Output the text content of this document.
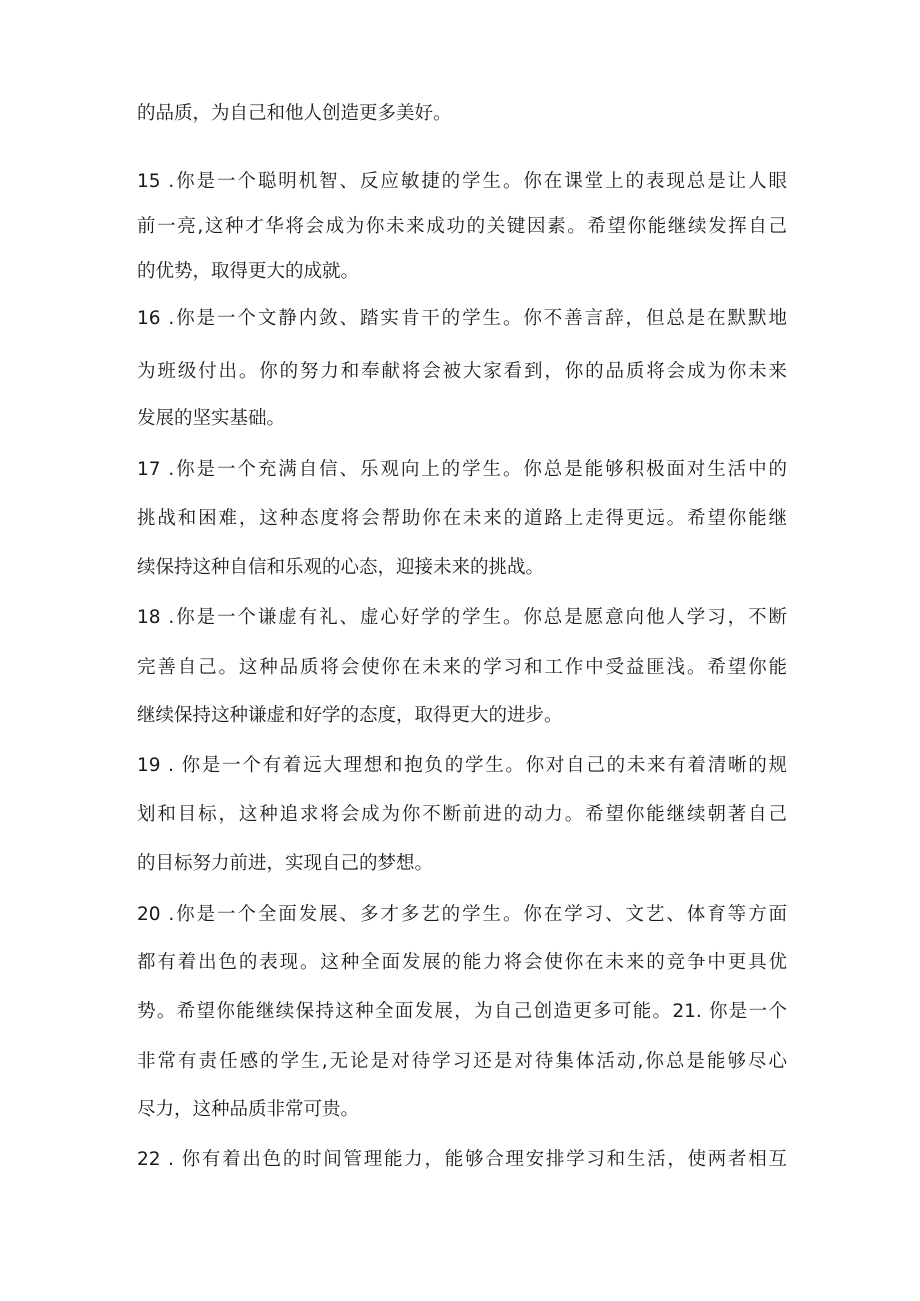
的品质，为自己和他人创造更多美好。

15 .你是一个聪明机智、反应敏捷的学生。你在课堂上的表现总是让人眼

前一亮,这种才华将会成为你未来成功的关键因素。希望你能继续发挥自己

的优势，取得更大的成就。

16 .你是一个文静内敛、踏实肯干的学生。你不善言辞，但总是在默默地

为班级付出。你的努力和奉献将会被大家看到，你的品质将会成为你未来

发展的坚实基础。

17 .你是一个充满自信、乐观向上的学生。你总是能够积极面对生活中的

挑战和困难，这种态度将会帮助你在未来的道路上走得更远。希望你能继

续保持这种自信和乐观的心态，迎接未来的挑战。

18 .你是一个谦虚有礼、虚心好学的学生。你总是愿意向他人学习，不断

完善自己。这种品质将会使你在未来的学习和工作中受益匪浅。希望你能

继续保持这种谦虚和好学的态度，取得更大的进步。

19 . 你是一个有着远大理想和抱负的学生。你对自己的未来有着清晰的规

划和目标，这种追求将会成为你不断前进的动力。希望你能继续朝著自己

的目标努力前进，实现自己的梦想。

20 .你是一个全面发展、多才多艺的学生。你在学习、文艺、体育等方面

都有着出色的表现。这种全面发展的能力将会使你在未来的竞争中更具优

势。希望你能继续保持这种全面发展，为自己创造更多可能。21. 你是一个

非常有责任感的学生,无论是对待学习还是对待集体活动,你总是能够尽心

尽力，这种品质非常可贵。

22 . 你有着出色的时间管理能力，能够合理安排学习和生活，使两者相互
